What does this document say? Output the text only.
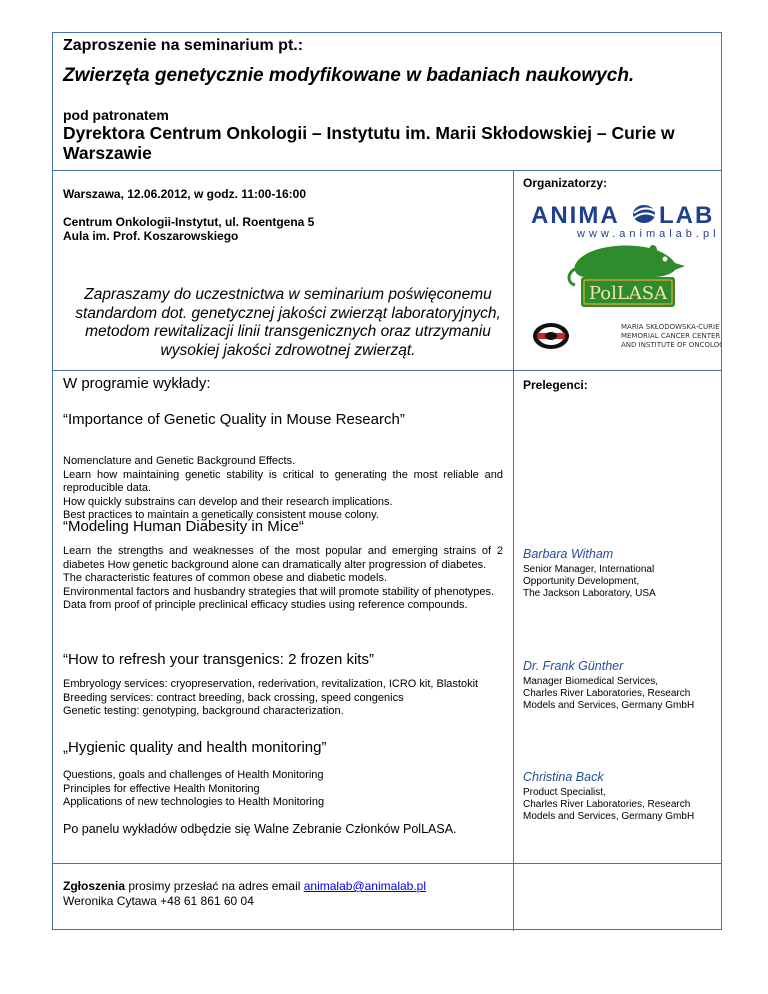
Zaproszenie na seminarium pt.:
Zwierzęta genetycznie modyfikowane w badaniach naukowych.
pod patronatem
Dyrektora Centrum Onkologii – Instytutu im. Marii Skłodowskiej – Curie w Warszawie
Warszawa, 12.06.2012, w godz. 11:00-16:00
Centrum Onkologii-Instytut, ul. Roentgena 5
Aula im. Prof. Koszarowskiego
Zapraszamy do uczestnictwa w seminarium poświęconemu standardom dot. genetycznej jakości zwierząt laboratoryjnych, metodom rewitalizacji linii transgenicznych oraz utrzymaniu wysokiej jakości zdrowotnej zwierząt.
Organizatorzy:
ANIMA LAB
www.animalab.pl
PolLASA
MARIA SKŁODOWSKA-CURIE
MEMORIAL CANCER CENTER
AND INSTITUTE OF ONCOLOGY
W programie wykłady:	Prelegenci:
“Importance of Genetic Quality in Mouse Research”
Nomenclature and Genetic Background Effects.
Learn how maintaining genetic stability is critical to generating the most reliable and reproducible data.
How quickly substrains can develop and their research implications.
Best practices to maintain a genetically consistent mouse colony.
“Modeling Human Diabesity in Mice“
Learn the strengths and weaknesses of the most popular and emerging strains of 2 diabetes How genetic background alone can dramatically alter progression of diabetes.
The characteristic features of common obese and diabetic models.
Environmental factors and husbandry strategies that will promote stability of phenotypes.
Data from proof of principle preclinical efficacy studies using reference compounds.
Barbara Witham
Senior Manager, International
Opportunity Development,
The Jackson Laboratory, USA
“How to refresh your transgenics: 2 frozen kits”
Embryology services: cryopreservation, rederivation, revitalization, ICRO kit, Blastokit
Breeding services: contract breeding, back crossing, speed congenics
Genetic testing: genotyping, background characterization.
Dr. Frank Günther
Manager Biomedical Services,
Charles River Laboratories, Research
Models and Services, Germany GmbH
„Hygienic quality and health monitoring”
Questions, goals and challenges of Health Monitoring
Principles for effective Health Monitoring
Applications of new technologies to Health Monitoring
Christina Back
Product Specialist,
Charles River Laboratories, Research
Models and Services, Germany GmbH
Po panelu wykładów odbędzie się Walne Zebranie Członków PolLASA.
Zgłoszenia prosimy przesłać na adres email animalab@animalab.pl
Weronika Cytawa +48 61 861 60 04
